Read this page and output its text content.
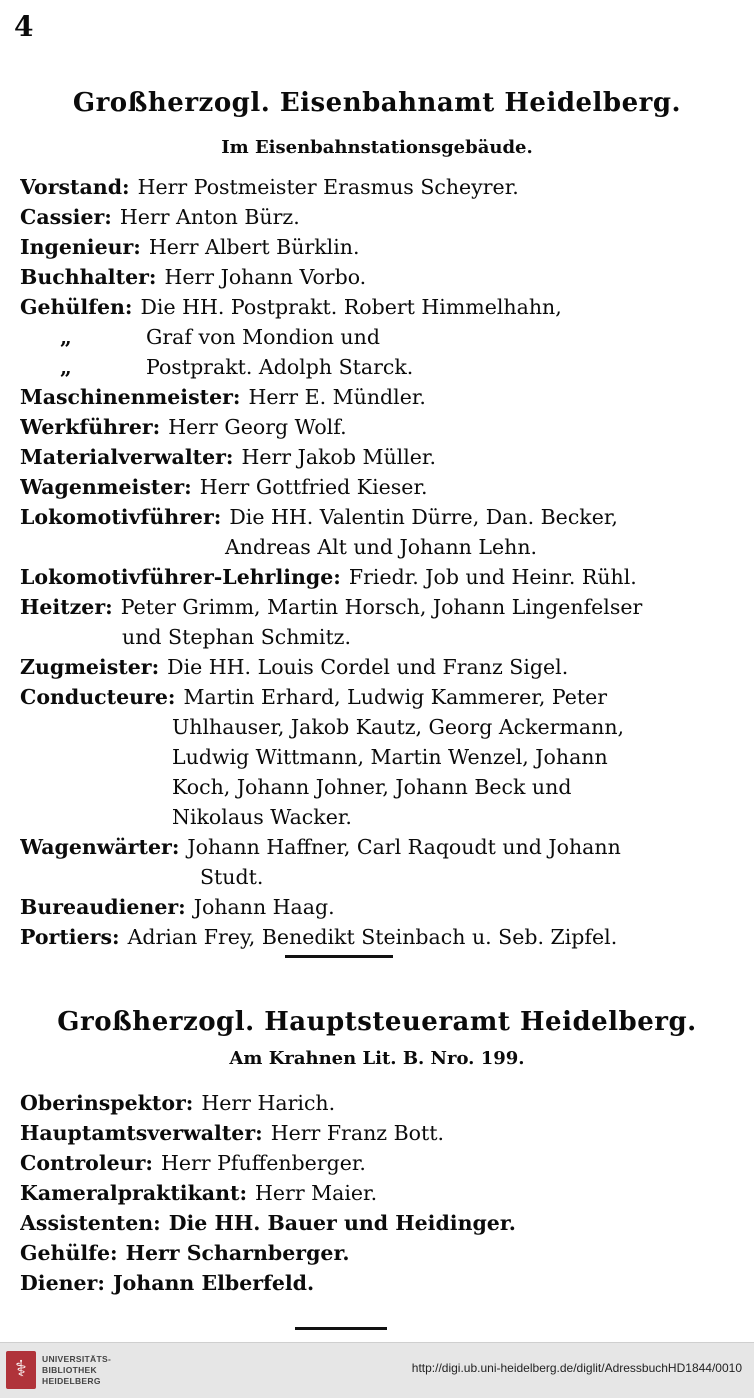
4
Großherzogl. Eisenbahnamt Heidelberg.
Im Eisenbahnstationsgebäude.
Vorstand: Herr Postmeister Erasmus Scheyrer.
Cassier: Herr Anton Bürz.
Ingenieur: Herr Albert Bürklin.
Buchhalter: Herr Johann Vorbo.
Gehülfen: Die HH. Postprakt. Robert Himmelhahn,
„	Graf von Mondion und
„	Postprakt. Adolph Starck.
Maschinenmeister: Herr E. Mündler.
Werkführer: Herr Georg Wolf.
Materialverwalter: Herr Jakob Müller.
Wagenmeister: Herr Gottfried Kieser.
Lokomotivführer: Die HH. Valentin Dürre, Dan. Becker,
Andreas Alt und Johann Lehn.
Lokomotivführer-Lehrlinge: Friedr. Job und Heinr. Rühl.
Heitzer: Peter Grimm, Martin Horsch, Johann Lingenfelser
und Stephan Schmitz.
Zugmeister: Die HH. Louis Cordel und Franz Sigel.
Conducteure: Martin Erhard, Ludwig Kammerer, Peter
Uhlhauser, Jakob Kautz, Georg Ackermann,
Ludwig Wittmann, Martin Wenzel, Johann
Koch, Johann Johner, Johann Beck und
Nikolaus Wacker.
Wagenwärter: Johann Haffner, Carl Raqoudt und Johann
Studt.
Bureaudiener: Johann Haag.
Portiers: Adrian Frey, Benedikt Steinbach u. Seb. Zipfel.
Großherzogl. Hauptsteueramt Heidelberg.
Am Krahnen Lit. B. Nro. 199.
Oberinspektor: Herr Harich.
Hauptamtsverwalter: Herr Franz Bott.
Controleur: Herr Pfuffenberger.
Kameralpraktikant: Herr Maier.
Assistenten: Die HH. Bauer und Heidinger.
Gehülfe: Herr Scharnberger.
Diener: Johann Elberfeld.
⚕
UNIVERSITÄTS-
BIBLIOTHEK
HEIDELBERG
http://digi.ub.uni-heidelberg.de/diglit/AdressbuchHD1844/0010
